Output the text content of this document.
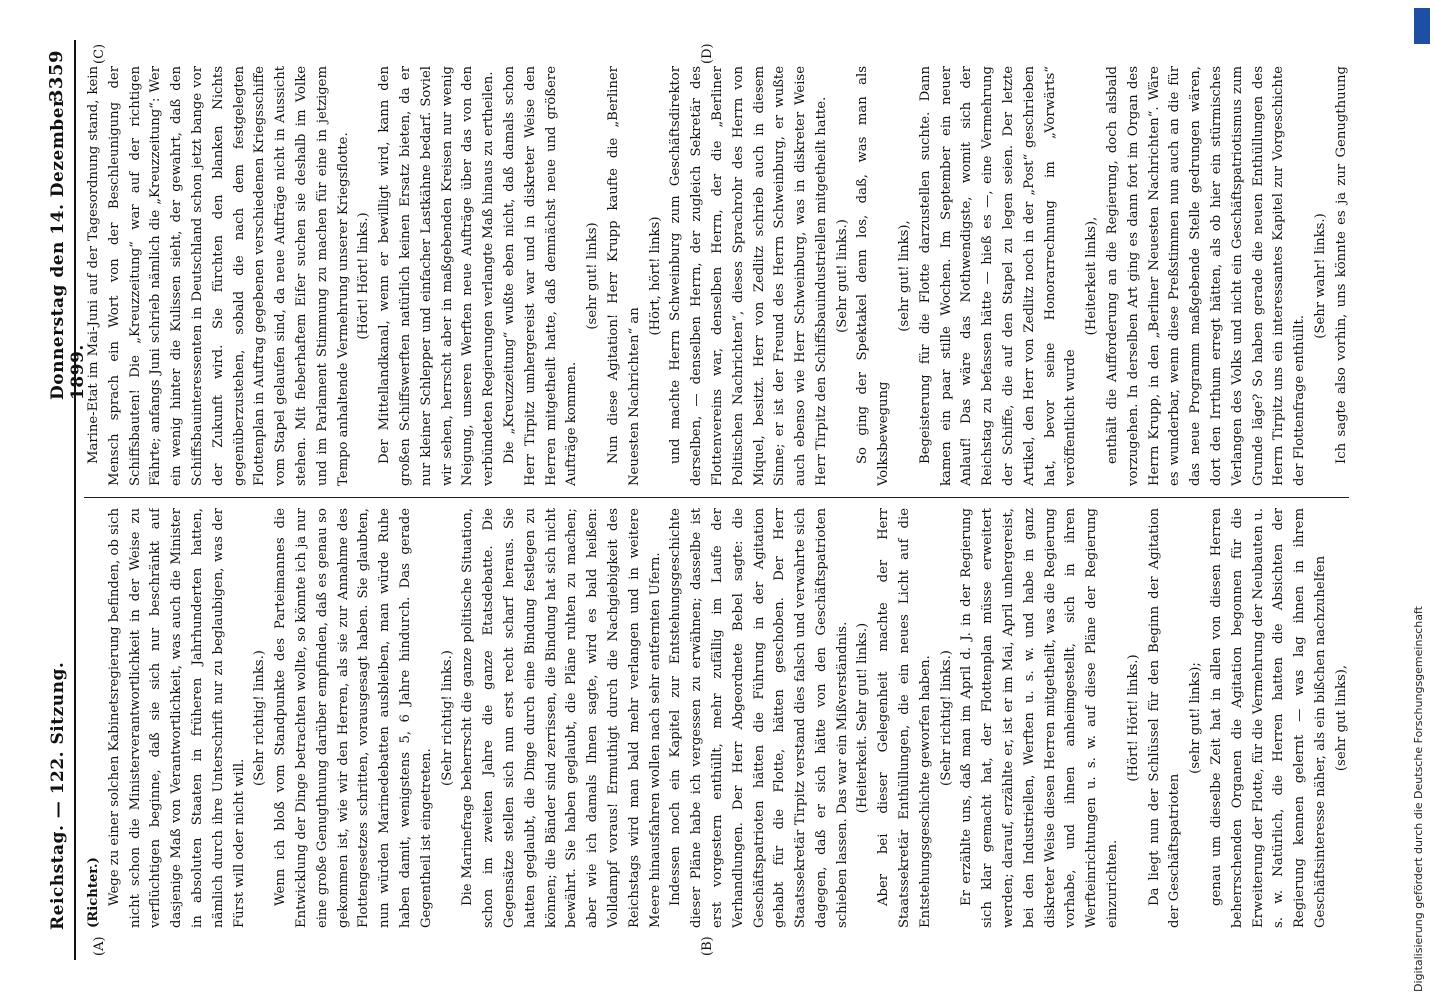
Reichstag. — 122. Sitzung.
Donnerstag den 14. Dezember 1899.
3359
(A)	(B)
(C)	(D)

(Richter.) Wege zu einer solchen Kabinetsregierung befinden, ob sich nicht schon die Ministerverantwortlichkeit in der Weise zu verflüchtigen beginne, daß sie sich nur beschränkt auf dasjenige Maß von Verantwortlichkeit, was auch die Minister in absoluten Staaten in früheren Jahrhunderten hatten, nämlich durch ihre Unterschrift nur zu beglaubigen, was der Fürst will oder nicht will.

(Sehr richtig! links.) Wenn ich bloß vom Standpunkte des Parteimannes die Entwicklung der Dinge betrachten wollte, so könnte ich ja nur eine große Genugthuung darüber empfinden, daß es genau so gekommen ist, wie wir den Herren, als sie zur Annahme des Flottengesetzes schritten, vorausgesagt haben. Sie glaubten, nun würden Marinedebatten ausbleiben, man würde Ruhe haben damit, wenigstens 5, 6 Jahre hindurch. Das gerade Gegentheil ist eingetreten.

(Sehr richtig! links.) Die Marinefrage beherrscht die ganze politische Situation, schon im zweiten Jahre die ganze Etatsdebatte. Die Gegensätze stellen sich nun erst recht scharf heraus. Sie hatten geglaubt, die Dinge durch eine Bindung festlegen zu können; die Bänder sind zerrissen, die Bindung hat sich nicht bewährt. Sie haben geglaubt, die Pläne ruhten zu machen; aber wie ich damals Ihnen sagte, wird es bald heißen: Volldampf voraus! Ermuthigt durch die Nachgiebigkeit des Reichstags wird man bald mehr verlangen und in weitere Meere hinausfahren wollen nach sehr entfernten Ufern. Indessen noch ein Kapitel zur Entstehungsgeschichte dieser Pläne habe ich vergessen zu erwähnen; dasselbe ist erst vorgestern enthüllt, mehr zufällig im Laufe der Verhandlungen. Der Herr Abgeordnete Bebel sagte: die Geschäftspatrioten hätten die Führung in der Agitation gehabt für die Flotte, hätten geschoben. Der Herr Staatssekretär Tirpitz verstand dies falsch und verwahrte sich dagegen, daß er sich hätte von den Geschäftspatrioten schieben lassen. Das war ein Mißverständnis. (Heiterkeit. Sehr gut! links.) Aber bei dieser Gelegenheit machte der Herr Staatssekretär Enthüllungen, die ein neues Licht auf die Entstehungsgeschichte geworfen haben. (Sehr richtig! links.) Er erzählte uns, daß man im April d. J. in der Regierung sich klar gemacht hat, der Flottenplan müsse erweitert werden; darauf, erzählte er, ist er im Mai, April unhergereist, bei den Industriellen, Werften u. s. w. und habe in ganz diskreter Weise diesen Herren mitgetheilt, was die Regierung vorhabe, und ihnen anheimgestellt, sich in ihren Werfteinrichtungen u. s. w. auf diese Pläne der Regierung einzurichten.

(Hört! Hört! links.) Da liegt nun der Schlüssel für den Beginn der Agitation der Geschäftspatrioten

(sehr gut! links); genau um dieselbe Zeit hat in allen von diesen Herren beherrschenden Organen die Agitation begonnen für die Erweiterung der Flotte, für die Vermehrung der Neubauten u. s. w. Natürlich, die Herren hatten die Absichten der Regierung kennen gelernt — was lag ihnen in ihrem Geschäftsinteresse näher, als ein bißchen nachzuhelfen (sehr gut links),

Marine-Etat im Mai-Juni auf der Tagesordnung stand, kein Mensch sprach ein Wort von der Beschleunigung der Schiffsbauten! Die „Kreuzzeitung“ war auf der richtigen Fährte; anfangs Juni schrieb nämlich die „Kreuzzeitung“: Wer ein wenig hinter die Kulissen sieht, der gewahrt, daß den Schiffsbauinteressenten in Deutschland schon jetzt bange vor der Zukunft wird. Sie fürchten den blanken Nichts gegenüberzustehen, sobald die nach dem festgelegten Flottenplan in Auftrag gegebenen verschiedenen Kriegsschiffe vom Stapel gelaufen sind, da neue Aufträge nicht in Aussicht stehen. Mit fieberhaftem Eifer suchen sie deshalb im Volke und im Parlament Stimmung zu machen für eine in jetzigem Tempo anhaltende Vermehrung unserer Kriegsflotte. (Hört! Hört! links.) Der Mittellandkanal, wenn er bewilligt wird, kann den großen Schiffswerften natürlich keinen Ersatz bieten, da er nur kleiner Schlepper und einfacher Lastkähne bedarf. Soviel wir sehen, herrscht aber in maßgebenden Kreisen nur wenig Neigung, unseren Werften neue Aufträge über das von den verbündeten Regierungen verlangte Maß hinaus zu ertheilen. Die „Kreuzzeitung“ wußte eben nicht, daß damals schon Herr Tirpitz umhergereist war und in diskreter Weise den Herren mitgetheilt hatte, daß demnächst neue und größere Aufträge kommen.

(sehr gut! links) Nun diese Agitation! Herr Krupp kaufte die „Berliner Neuesten Nachrichten“ an

(Hört, hört! links) und machte Herrn Schweinburg zum Geschäftsdirektor derselben, — denselben Herrn, der zugleich Sekretär des Flottenvereins war, denselben Herrn, der die „Berliner Politischen Nachrichten“, dieses Sprachrohr des Herrn von Miquel, besitzt. Herr von Zedlitz schrieb auch in diesem Sinne; er ist der Freund des Herrn Schweinburg, er wußte auch ebenso wie Herr Schweinburg, was in diskreter Weise Herr Tirpitz den Schiffsbauindustriellen mitgetheilt hatte. (Sehr gut! links.) So ging der Spektakel denn los, daß, was man als Volksbewegung

(sehr gut! links), Begeisterung für die Flotte darzustellen suchte. Dann kamen ein paar stille Wochen. Im September ein neuer Anlauf! Das wäre das Nothwendigste, womit sich der Reichstag zu befassen hätte — hieß es —, eine Vermehrung der Schiffe, die auf den Stapel zu legen seien. Der letzte Artikel, den Herr von Zedlitz noch in der „Post“ geschrieben hat, bevor seine Honorarrechnung im „Vorwärts“ veröffentlicht wurde

(Heiterkeit links), enthält die Aufforderung an die Regierung, doch alsbald vorzugehen. In derselben Art ging es dann fort im Organ des Herrn Krupp, in den „Berliner Neuesten Nachrichten“. Wäre es wunderbar, wenn diese Preßstimmen nun auch an die für das neue Programm maßgebende Stelle gedrungen wären, dort den Irrthum erregt hätten, als ob hier ein stürmisches Verlangen des Volks und nicht ein Geschäftspatriotismus zum Grunde läge? So haben gerade die neuen Enthüllungen des Herrn Tirpitz uns ein interessantes Kapitel zur Vorgeschichte der Flottenfrage enthüllt.

(Sehr wahr! links.)

Ich sagte also vorhin, uns könnte es ja zur Genugthuung

Digitalisierung gefördert durch die Deutsche Forschungsgemeinschaft
